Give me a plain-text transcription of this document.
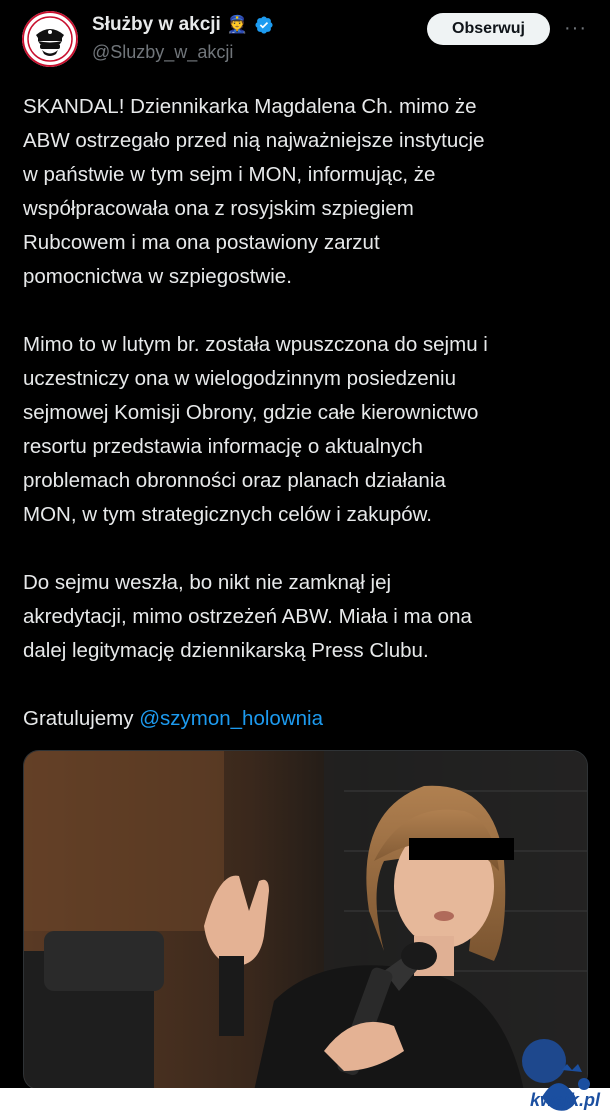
Służby w akcji 👮
@Sluzby_w_akcji
Obserwuj	···
SKANDAL! Dziennikarka Magdalena Ch. mimo że
ABW ostrzegało przed nią najważniejsze instytucje
w państwie w tym sejm i MON, informując, że
współpracowała ona z rosyjskim szpiegiem
Rubcowem i ma ona postawiony zarzut
pomocnictwa w szpiegostwie.
Mimo to w lutym br. została wpuszczona do sejmu i
uczestniczy ona w wielogodzinnym posiedzeniu
sejmowej Komisji Obrony, gdzie całe kierownictwo
resortu przedstawia informację o aktualnych
problemach obronności oraz planach działania
MON, w tym strategicznych celów i zakupów.
Do sejmu weszła, bo nikt nie zamknął jej
akredytacji, mimo ostrzeżeń ABW. Miała i ma ona
dalej legitymację dziennikarską Press Clubu.
Gratulujemy @szymon_holownia
kwejk.pl
